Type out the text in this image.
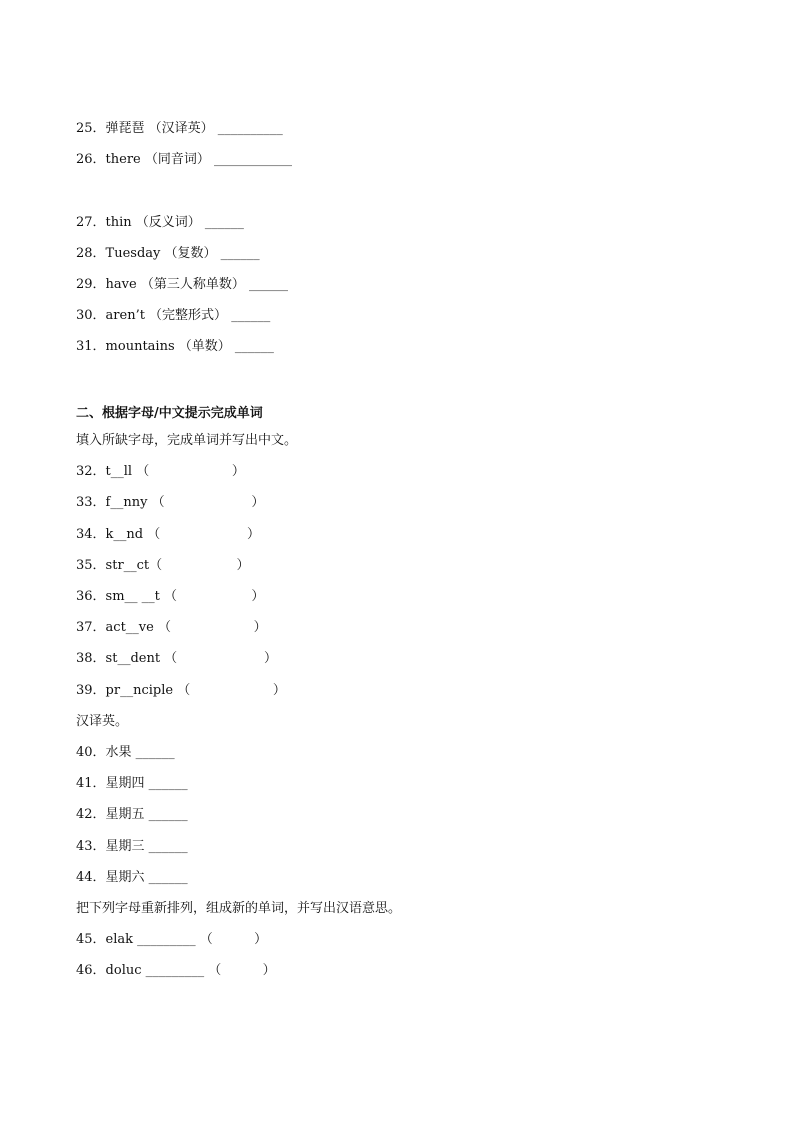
25．弹琵琶 （汉译英） __________
26．there （同音词） ____________
27．thin （反义词） ______
28．Tuesday （复数） ______
29．have （第三人称单数） ______
30．aren’t （完整形式） ______
31．mountains （单数） ______
二、根据字母/中文提示完成单词
填入所缺字母，完成单词并写出中文。
32．t__ll （                    ）
33．f__nny （                     ）
34．k__nd （                     ）
35．str__ct（                  ）
36．sm__ __t （                  ）
37．act__ve （                    ）
38．st__dent （                     ）
39．pr__nciple （                    ）
汉译英。
40．水果 ______
41．星期四 ______
42．星期五 ______
43．星期三 ______
44．星期六 ______
把下列字母重新排列，组成新的单词，并写出汉语意思。
45．elak _________ （          ）
46．doluc _________ （          ）
